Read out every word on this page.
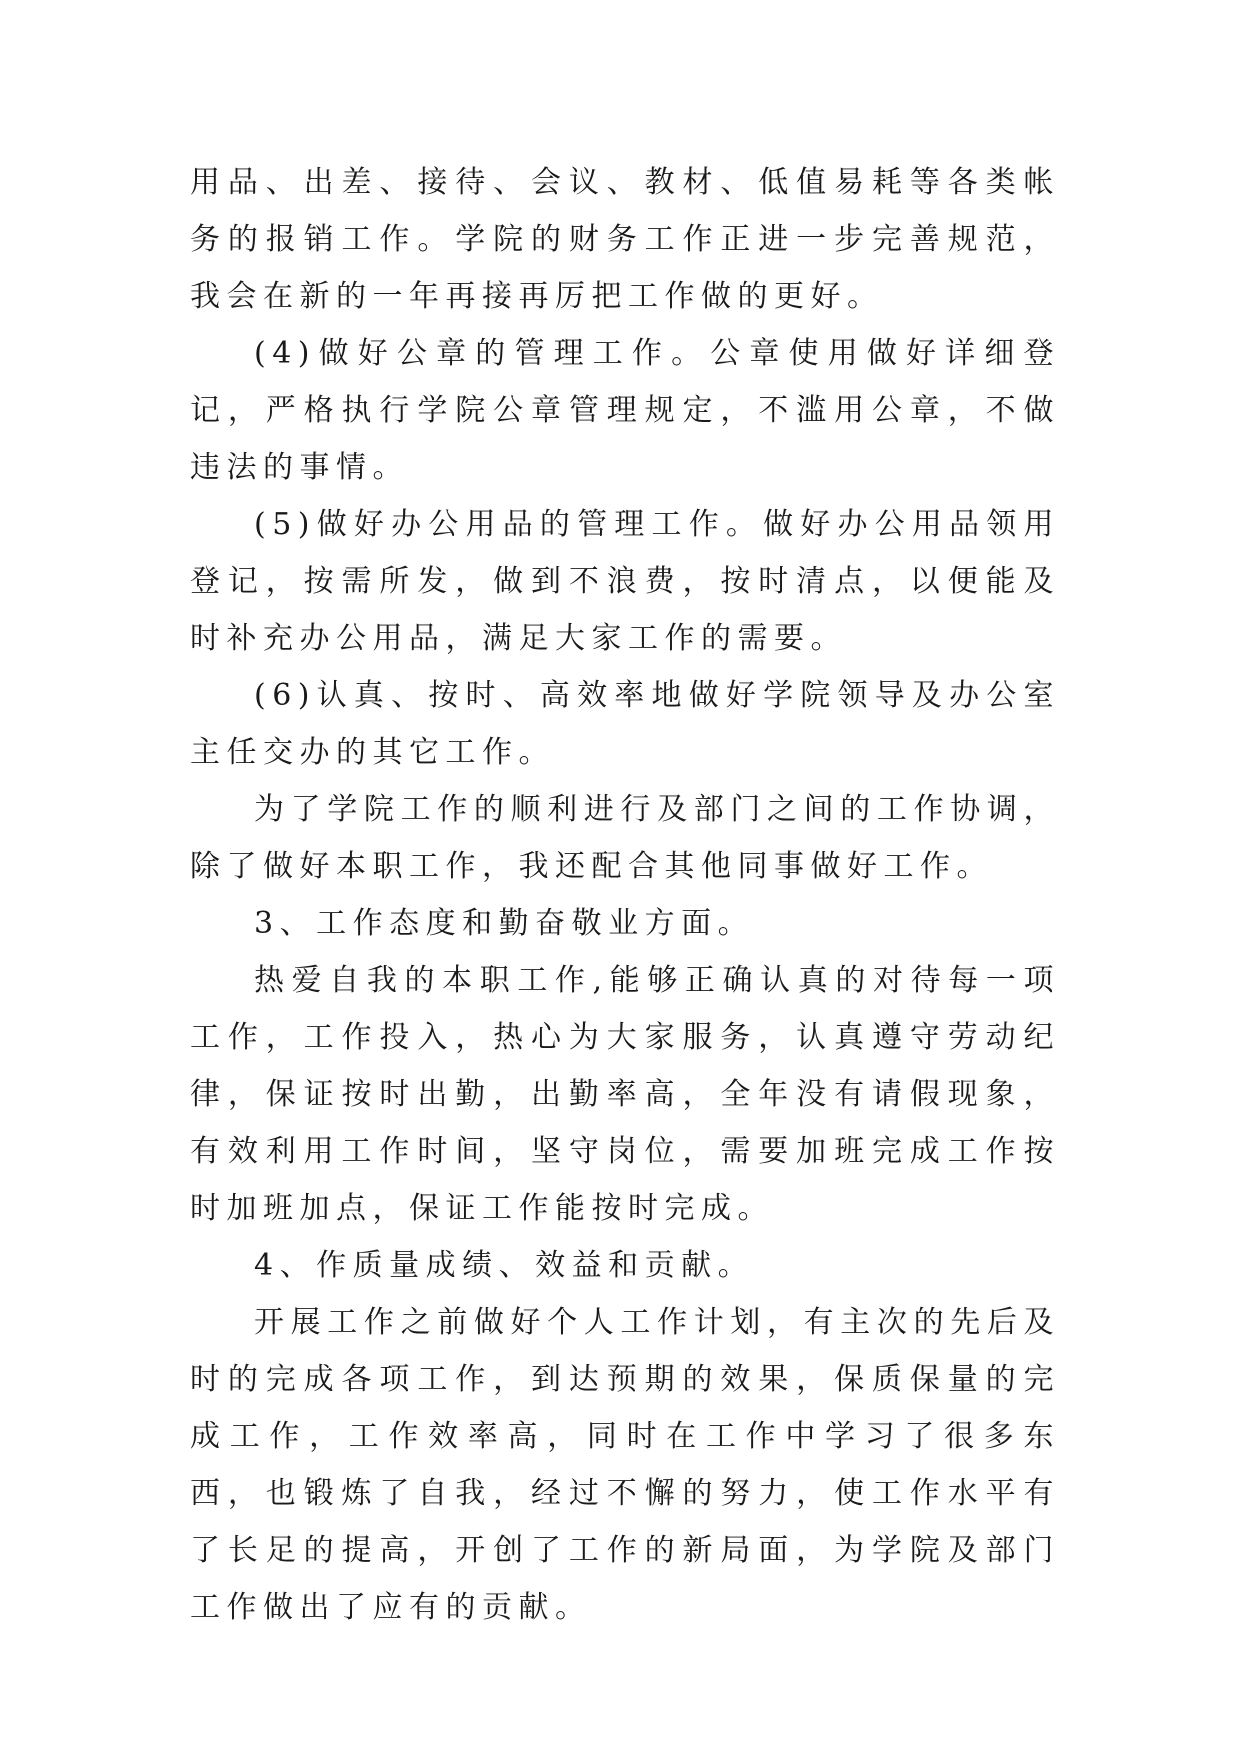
用品、出差、接待、会议、教材、低值易耗等各类帐务的报销工作。学院的财务工作正进一步完善规范，我会在新的一年再接再厉把工作做的更好。

(4)做好公章的管理工作。公章使用做好详细登记，严格执行学院公章管理规定，不滥用公章，不做违法的事情。

(5)做好办公用品的管理工作。做好办公用品领用登记，按需所发，做到不浪费，按时清点，以便能及时补充办公用品，满足大家工作的需要。

(6)认真、按时、高效率地做好学院领导及办公室主任交办的其它工作。

为了学院工作的顺利进行及部门之间的工作协调，除了做好本职工作，我还配合其他同事做好工作。

3、工作态度和勤奋敬业方面。

热爱自我的本职工作,能够正确认真的对待每一项工作，工作投入，热心为大家服务，认真遵守劳动纪律，保证按时出勤，出勤率高，全年没有请假现象，有效利用工作时间，坚守岗位，需要加班完成工作按时加班加点，保证工作能按时完成。

4、作质量成绩、效益和贡献。

开展工作之前做好个人工作计划，有主次的先后及时的完成各项工作，到达预期的效果，保质保量的完成工作，工作效率高，同时在工作中学习了很多东西，也锻炼了自我，经过不懈的努力，使工作水平有了长足的提高，开创了工作的新局面，为学院及部门工作做出了应有的贡献。
